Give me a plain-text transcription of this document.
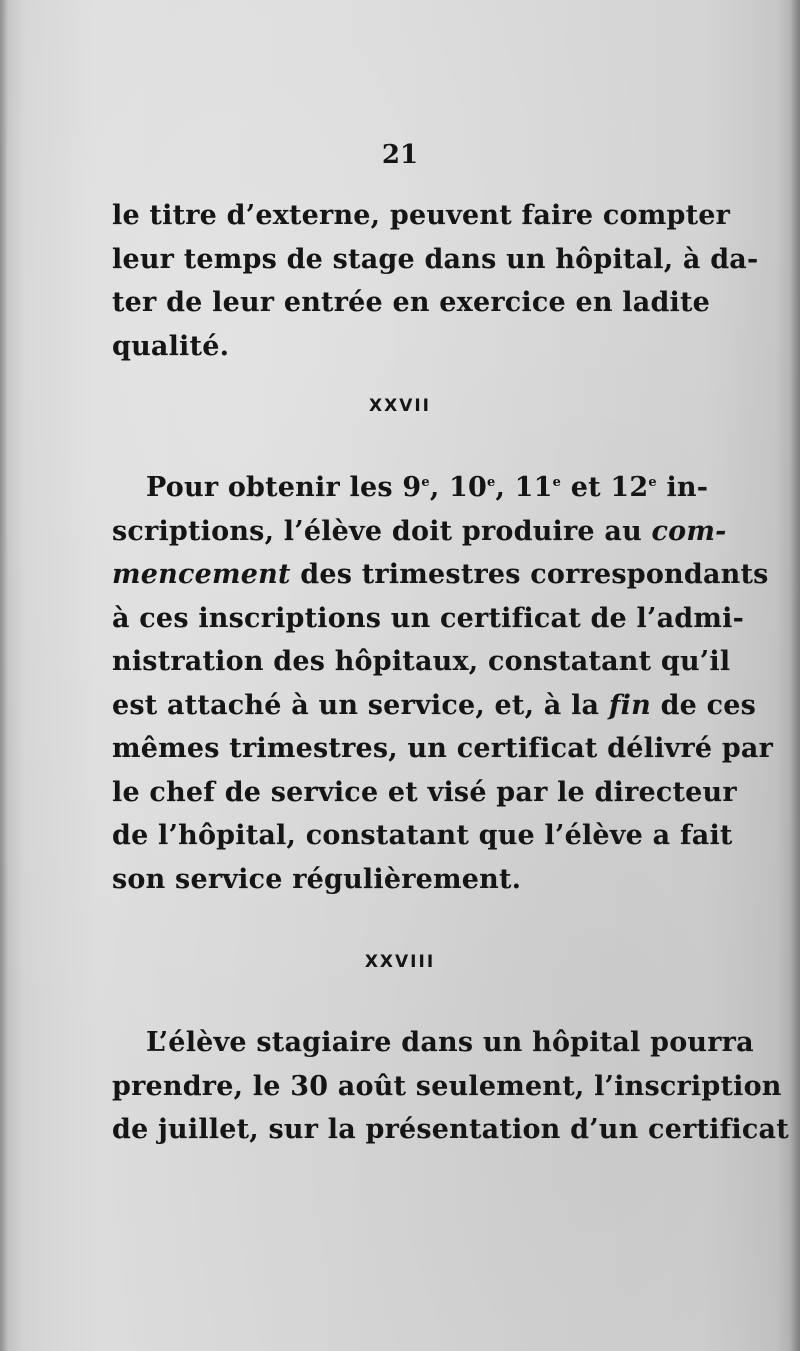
21
le titre d’externe, peuvent faire compter
leur temps de stage dans un hôpital, à da-
ter de leur entrée en exercice en ladite
qualité.
XXVII
Pour obtenir les 9e, 10e, 11e et 12e in-
scriptions, l’élève doit produire au com-
mencement des trimestres correspondants
à ces inscriptions un certificat de l’admi-
nistration des hôpitaux, constatant qu’il
est attaché à un service, et, à la fin de ces
mêmes trimestres, un certificat délivré par
le chef de service et visé par le directeur
de l’hôpital, constatant que l’élève a fait
son service régulièrement.
XXVIII
L’élève stagiaire dans un hôpital pourra
prendre, le 30 août seulement, l’inscription
de juillet, sur la présentation d’un certificat
